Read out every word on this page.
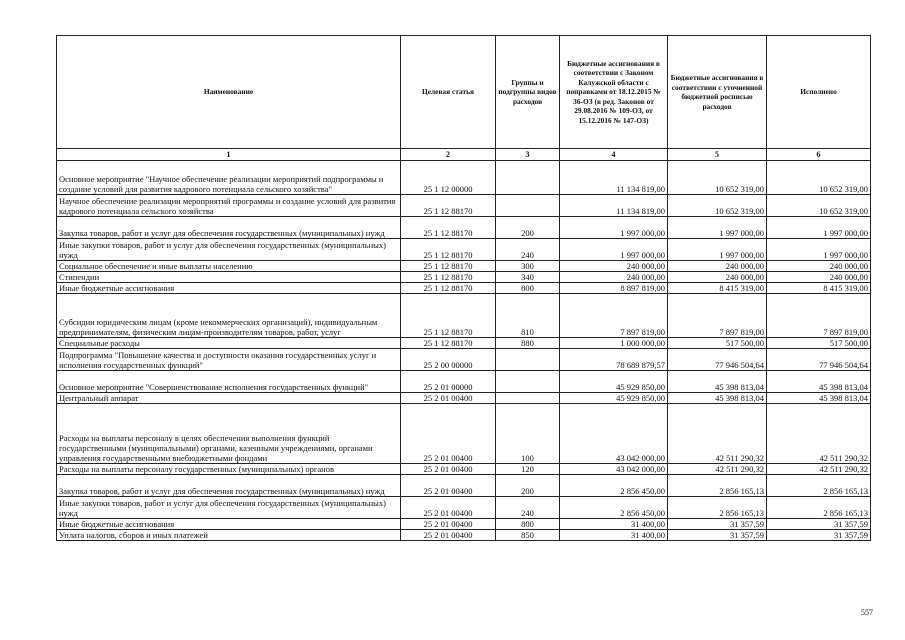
Наименование	Целевая статья	Группы и подгруппы видов расходов	Бюджетные ассигнования в соответствии с Законом Калужской области с поправками от 18.12.2015 № 36-ОЗ (в ред. Законов от 29.08.2016 № 109-ОЗ, от 15.12.2016 № 147-ОЗ)	Бюджетные ассигнования в соответствии с уточненной бюджетной росписью расходов	Исполнено
1	2	3	4	5	6
Основное мероприятие "Научное обеспечение реализации мероприятий подпрограммы и создание условий для развития кадрового потенциала сельского хозяйства"	25 1 12 00000		11 134 819,00	10 652 319,00	10 652 319,00
Научное обеспечение реализации мероприятий программы и создание условий для развития кадрового потенциала сельского хозяйства	25 1 12 88170		11 134 819,00	10 652 319,00	10 652 319,00
Закупка товаров, работ и услуг для обеспечения государственных (муниципальных) нужд	25 1 12 88170	200	1 997 000,00	1 997 000,00	1 997 000,00
Иные закупки товаров, работ и услуг для обеспечения государственных (муниципальных) нужд	25 1 12 88170	240	1 997 000,00	1 997 000,00	1 997 000,00
Социальное обеспечение и иные выплаты населению	25 1 12 88170	300	240 000,00	240 000,00	240 000,00
Стипендии	25 1 12 88170	340	240 000,00	240 000,00	240 000,00
Иные бюджетные ассигнования	25 1 12 88170	800	8 897 819,00	8 415 319,00	8 415 319,00
Субсидии юридическим лицам (кроме некоммерческих организаций), индивидуальным предпринимателям, физическим лицам-производителям товаров, работ, услуг	25 1 12 88170	810	7 897 819,00	7 897 819,00	7 897 819,00
Специальные расходы	25 1 12 88170	880	1 000 000,00	517 500,00	517 500,00
Подпрограмма "Повышение качества и доступности оказания государственных услуг и исполнения государственных функций"	25 2 00 00000		78 689 879,57	77 946 504,64	77 946 504,64
Основное мероприятие "Совершенствование исполнения государственных функций"	25 2 01 00000		45 929 850,00	45 398 813,04	45 398 813,04
Центральный аппарат	25 2 01 00400		45 929 850,00	45 398 813,04	45 398 813,04
Расходы на выплаты персоналу в целях обеспечения выполнения функций государственными (муниципальными) органами, казенными учреждениями, органами управления государственными внебюджетными фондами	25 2 01 00400	100	43 042 000,00	42 511 290,32	42 511 290,32
Расходы на выплаты персоналу государственных (муниципальных) органов	25 2 01 00400	120	43 042 000,00	42 511 290,32	42 511 290,32
Закупка товаров, работ и услуг для обеспечения государственных (муниципальных) нужд	25 2 01 00400	200	2 856 450,00	2 856 165,13	2 856 165,13
Иные закупки товаров, работ и услуг для обеспечения государственных (муниципальных) нужд	25 2 01 00400	240	2 856 450,00	2 856 165,13	2 856 165,13
Иные бюджетные ассигнования	25 2 01 00400	800	31 400,00	31 357,59	31 357,59
Уплата налогов, сборов и иных платежей	25 2 01 00400	850	31 400,00	31 357,59	31 357,59
557
